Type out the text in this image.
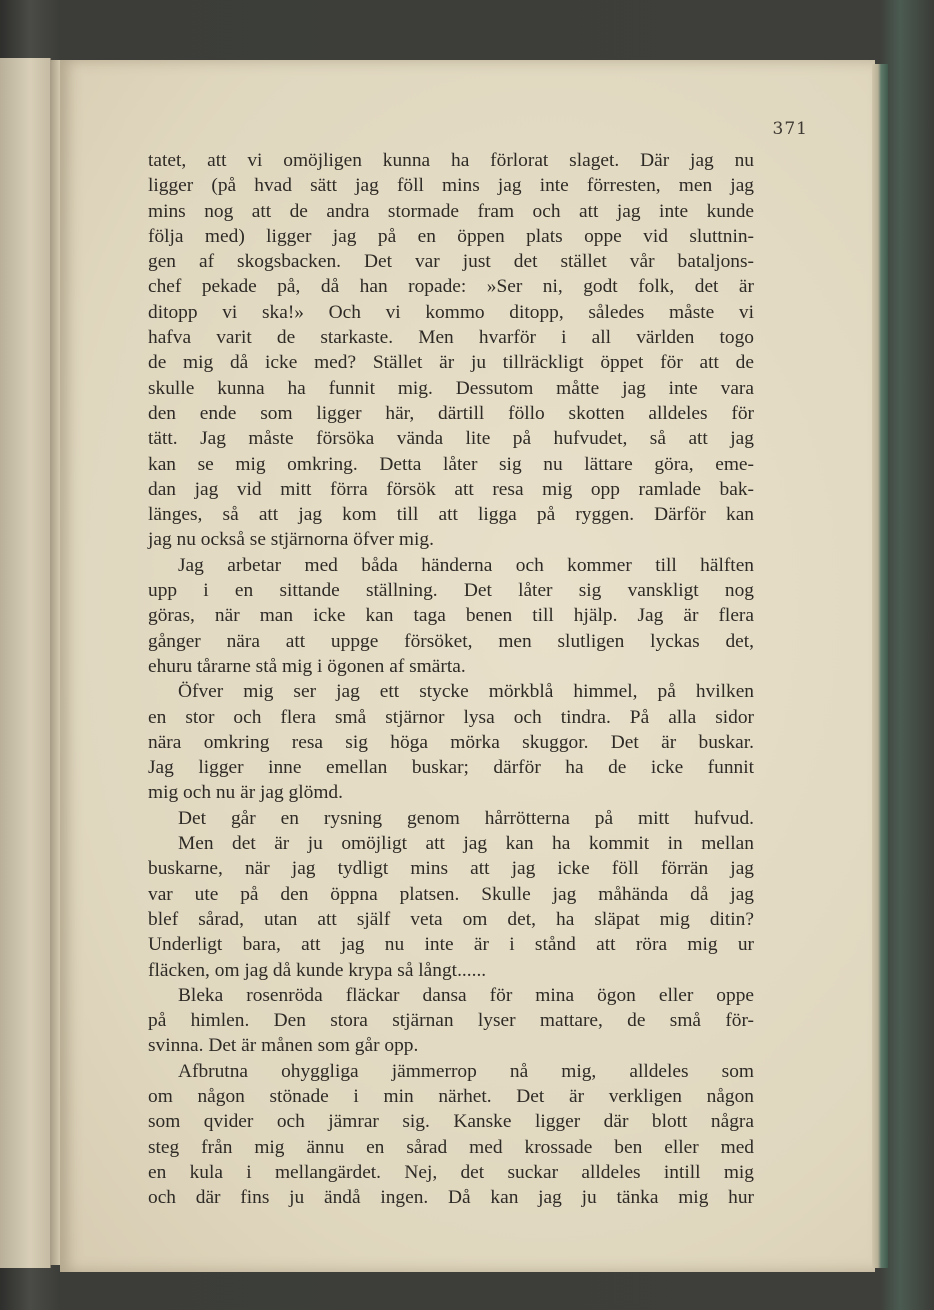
371
tatet, att vi omöjligen kunna ha förlorat slaget. Där jag nu
ligger (på hvad sätt jag föll mins jag inte förresten, men jag
mins nog att de andra stormade fram och att jag inte kunde
följa med) ligger jag på en öppen plats oppe vid sluttnin-
gen af skogsbacken. Det var just det stället vår bataljons-
chef pekade på, då han ropade: »Ser ni, godt folk, det är
ditopp vi ska!» Och vi kommo ditopp, således måste vi
hafva varit de starkaste. Men hvarför i all världen togo
de mig då icke med? Stället är ju tillräckligt öppet för att de
skulle kunna ha funnit mig. Dessutom måtte jag inte vara
den ende som ligger här, därtill föllo skotten alldeles för
tätt. Jag måste försöka vända lite på hufvudet, så att jag
kan se mig omkring. Detta låter sig nu lättare göra, eme-
dan jag vid mitt förra försök att resa mig opp ramlade bak-
länges, så att jag kom till att ligga på ryggen. Därför kan
jag nu också se stjärnorna öfver mig.
Jag arbetar med båda händerna och kommer till hälften
upp i en sittande ställning. Det låter sig vanskligt nog
göras, när man icke kan taga benen till hjälp. Jag är flera
gånger nära att uppge försöket, men slutligen lyckas det,
ehuru tårarne stå mig i ögonen af smärta.
Öfver mig ser jag ett stycke mörkblå himmel, på hvilken
en stor och flera små stjärnor lysa och tindra. På alla sidor
nära omkring resa sig höga mörka skuggor. Det är buskar.
Jag ligger inne emellan buskar; därför ha de icke funnit
mig och nu är jag glömd.
Det går en rysning genom hårrötterna på mitt hufvud.
Men det är ju omöjligt att jag kan ha kommit in mellan
buskarne, när jag tydligt mins att jag icke föll förrän jag
var ute på den öppna platsen. Skulle jag måhända då jag
blef sårad, utan att själf veta om det, ha släpat mig ditin?
Underligt bara, att jag nu inte är i stånd att röra mig ur
fläcken, om jag då kunde krypa så långt......
Bleka rosenröda fläckar dansa för mina ögon eller oppe
på himlen. Den stora stjärnan lyser mattare, de små för-
svinna. Det är månen som går opp.
Afbrutna ohyggliga jämmerrop nå mig, alldeles som
om någon stönade i min närhet. Det är verkligen någon
som qvider och jämrar sig. Kanske ligger där blott några
steg från mig ännu en sårad med krossade ben eller med
en kula i mellangärdet. Nej, det suckar alldeles intill mig
och där fins ju ändå ingen. Då kan jag ju tänka mig hur
